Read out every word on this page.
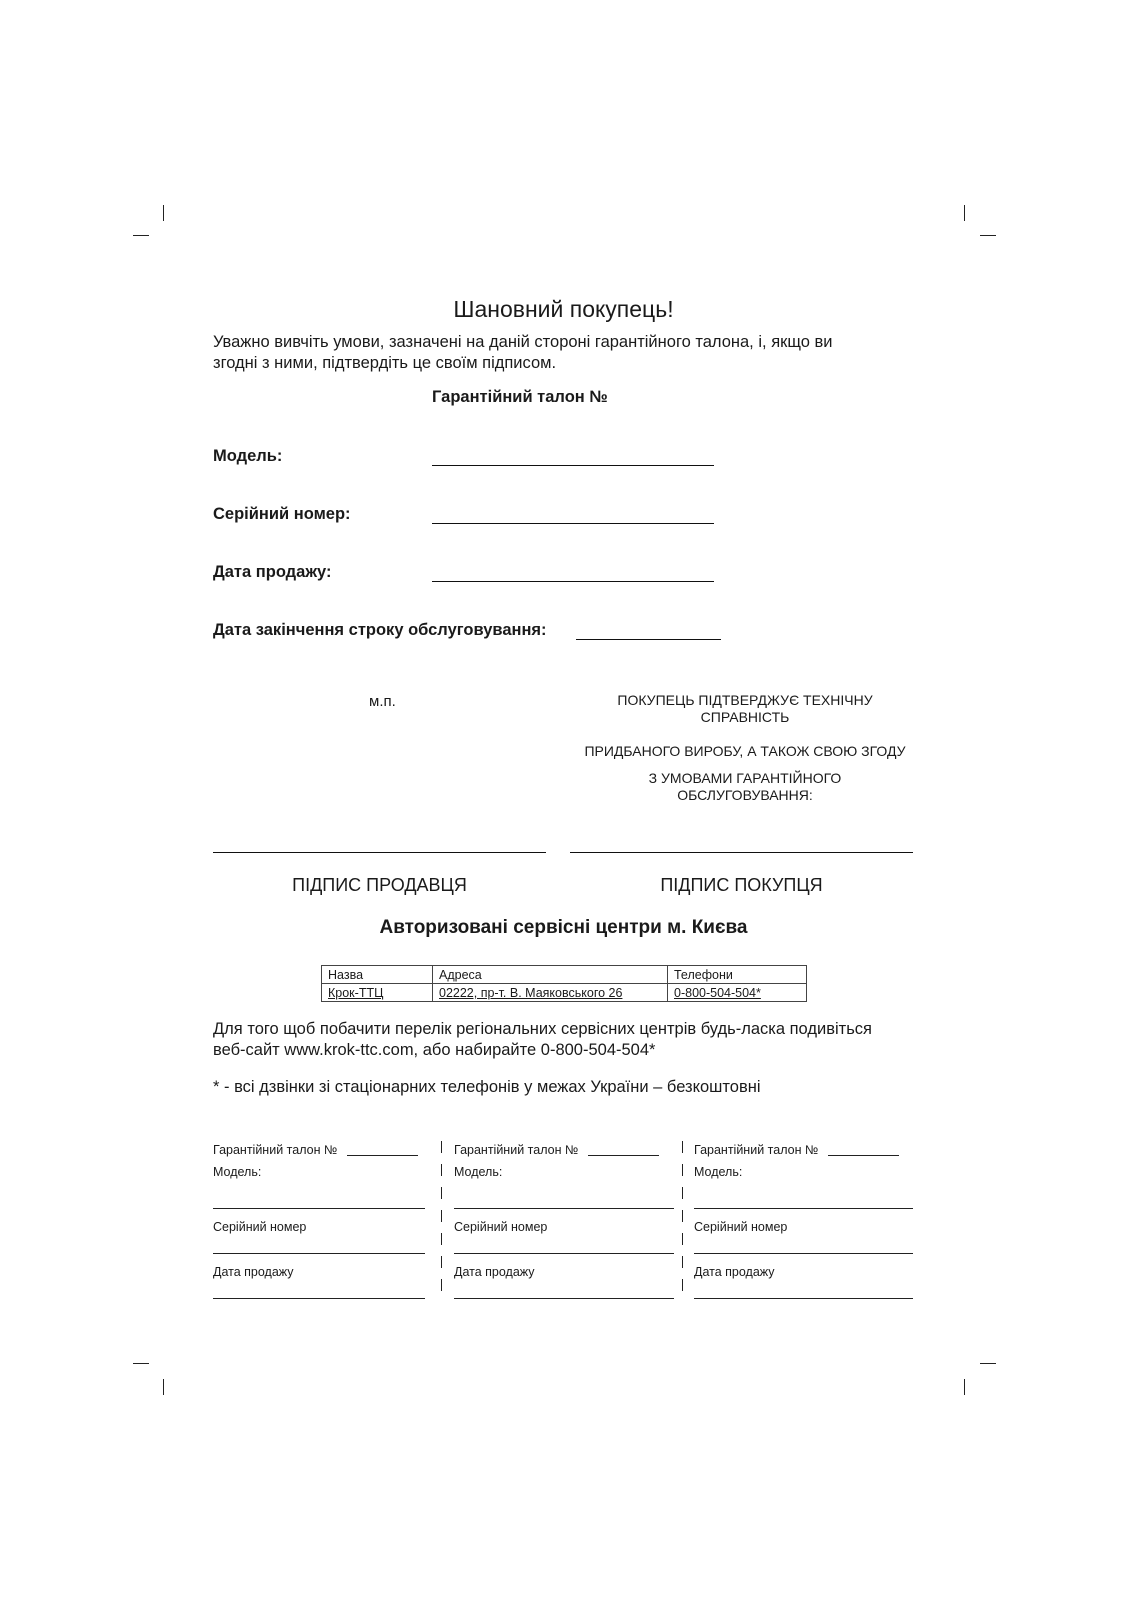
Шановний покупець!
Уважно вивчіть умови, зазначені на даній стороні гарантійного талона, і, якщо ви
згодні з ними, підтвердіть це своїм підписом.
Гарантійний талон №
Модель:
Серійний номер:
Дата продажу:
Дата закінчення строку обслуговування:
м.п.	ПОКУПЕЦЬ ПІДТВЕРДЖУЄ ТЕХНІЧНУ
СПРАВНІСТЬ
ПРИДБАНОГО ВИРОБУ, А ТАКОЖ СВОЮ ЗГОДУ
З УМОВАМИ ГАРАНТІЙНОГО
ОБСЛУГОВУВАННЯ:
ПІДПИС ПРОДАВЦЯ	ПІДПИС ПОКУПЦЯ
Авторизовані сервісні центри м. Києва
Назва	Адреса	Телефони
Крок-ТТЦ	02222, пр-т. В. Маяковського 26	0-800-504-504*
Для того щоб побачити перелік регіональних сервісних центрів будь-ласка подивіться
веб-сайт www.krok-ttc.com, або набирайте 0-800-504-504*
* - всі дзвінки зі стаціонарних телефонів у межах України – безкоштовні
Гарантійний талон №
Модель:
Серійний номер
Дата продажу
Гарантійний талон №
Модель:
Серійний номер
Дата продажу
Гарантійний талон №
Модель:
Серійний номер
Дата продажу
